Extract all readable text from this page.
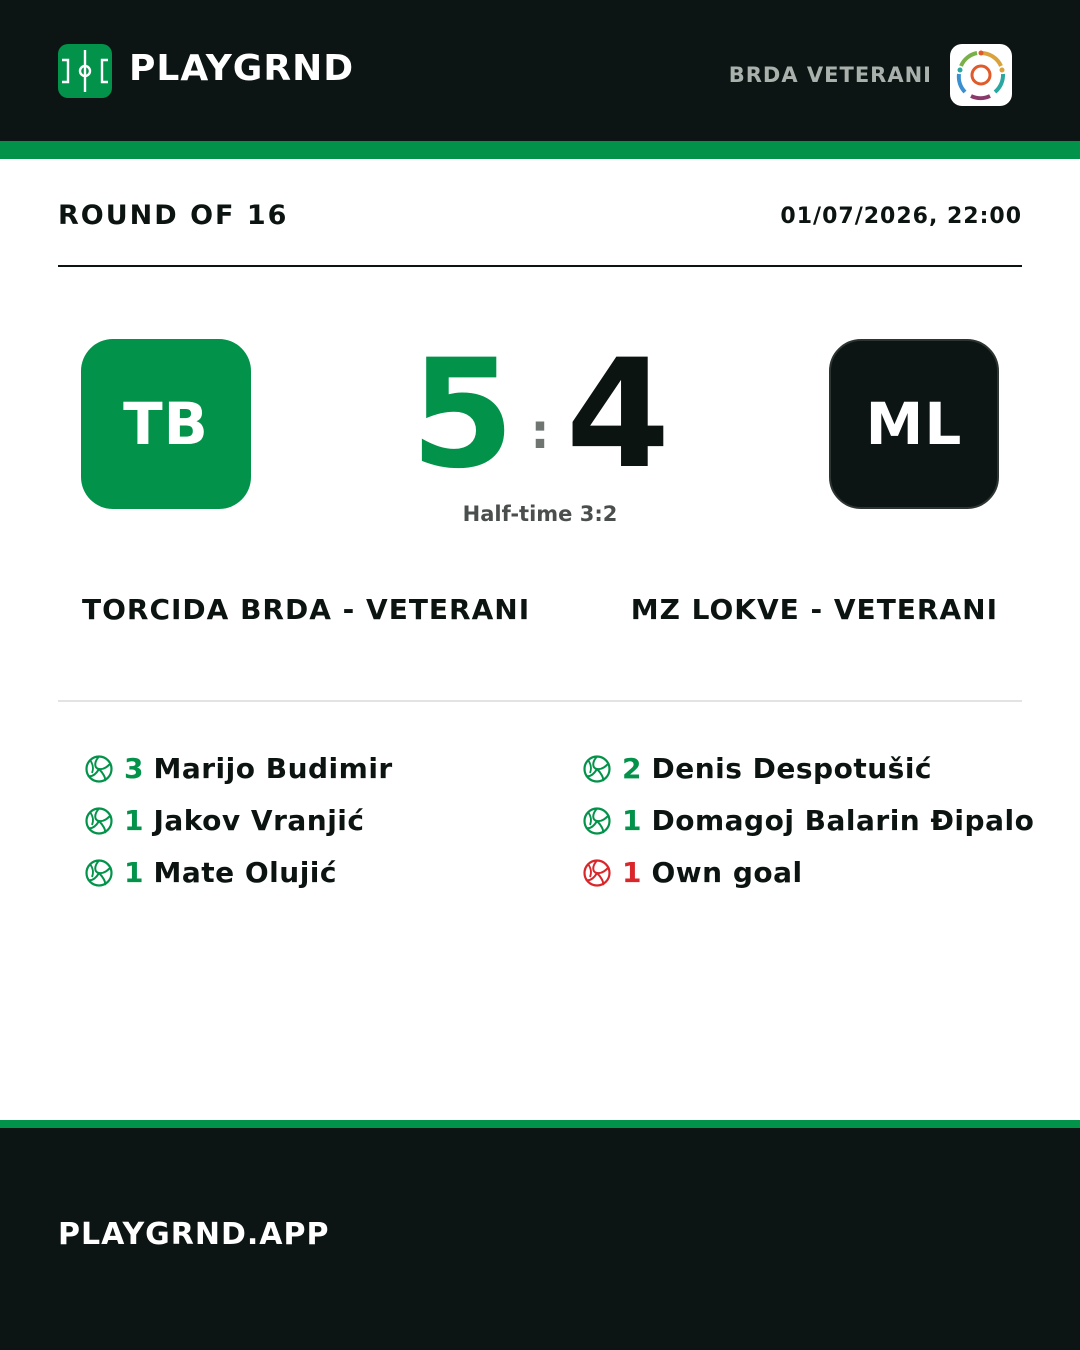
PLAYGRND	BRDA VETERANI
ROUND OF 16	01/07/2026, 22:00
TB 5 : 4	ML
Half-time 3:2
TORCIDA BRDA - VETERANI	MZ LOKVE - VETERANI
3 Marijo Budimir
1 Jakov Vranjić
1 Mate Olujić
2 Denis Despotušić
1 Domagoj Balarin Đipalo
1 Own goal
PLAYGRND.APP
